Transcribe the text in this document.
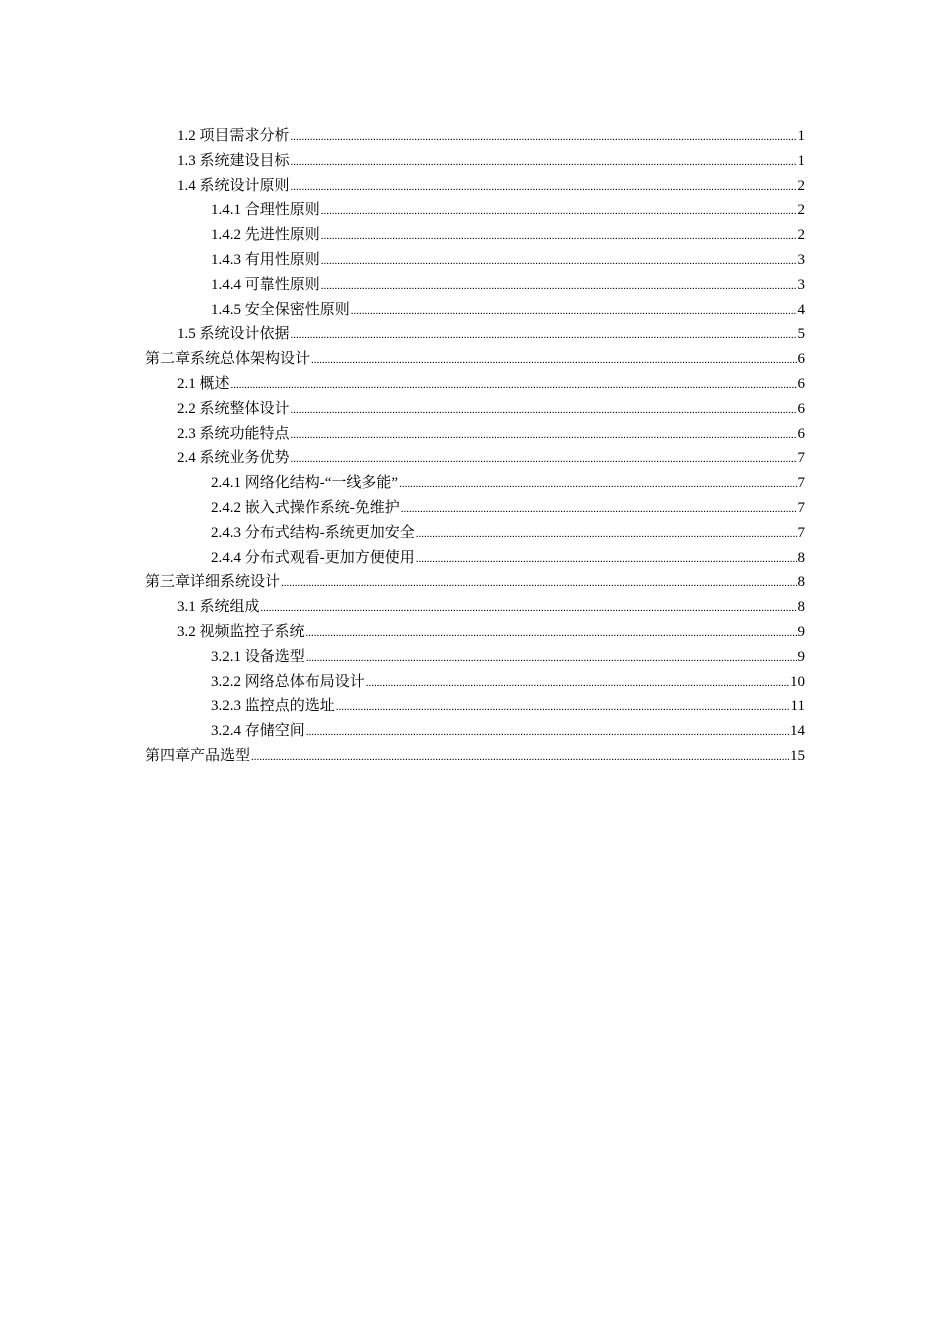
1.2 项目需求分析 .....	1
1.3 系统建设目标 .....	1
1.4 系统设计原则 .....	2
1.4.1 合理性原则 .....	2
1.4.2 先进性原则 .....	2
1.4.3 有用性原则 .....	3
1.4.4 可靠性原则 .....	3
1.4.5 安全保密性原则 .....	4
1.5 系统设计依据 .....	5
第二章系统总体架构设计 .....	6
2.1 概述 .....	6
2.2 系统整体设计 .....	6
2.3 系统功能特点 .....	6
2.4 系统业务优势 .....	7
2.4.1 网络化结构-“一线多能” .....	7
2.4.2 嵌入式操作系统-免维护 .....	7
2.4.3 分布式结构-系统更加安全 .....	7
2.4.4 分布式观看-更加方便使用 .....	8
第三章详细系统设计 .....	8
3.1 系统组成 .....	8
3.2 视频监控子系统 .....	9
3.2.1 设备选型 .....	9
3.2.2 网络总体布局设计 .....	10
3.2.3 监控点的选址 .....	11
3.2.4 存储空间 .....	14
第四章产品选型 .....	15
